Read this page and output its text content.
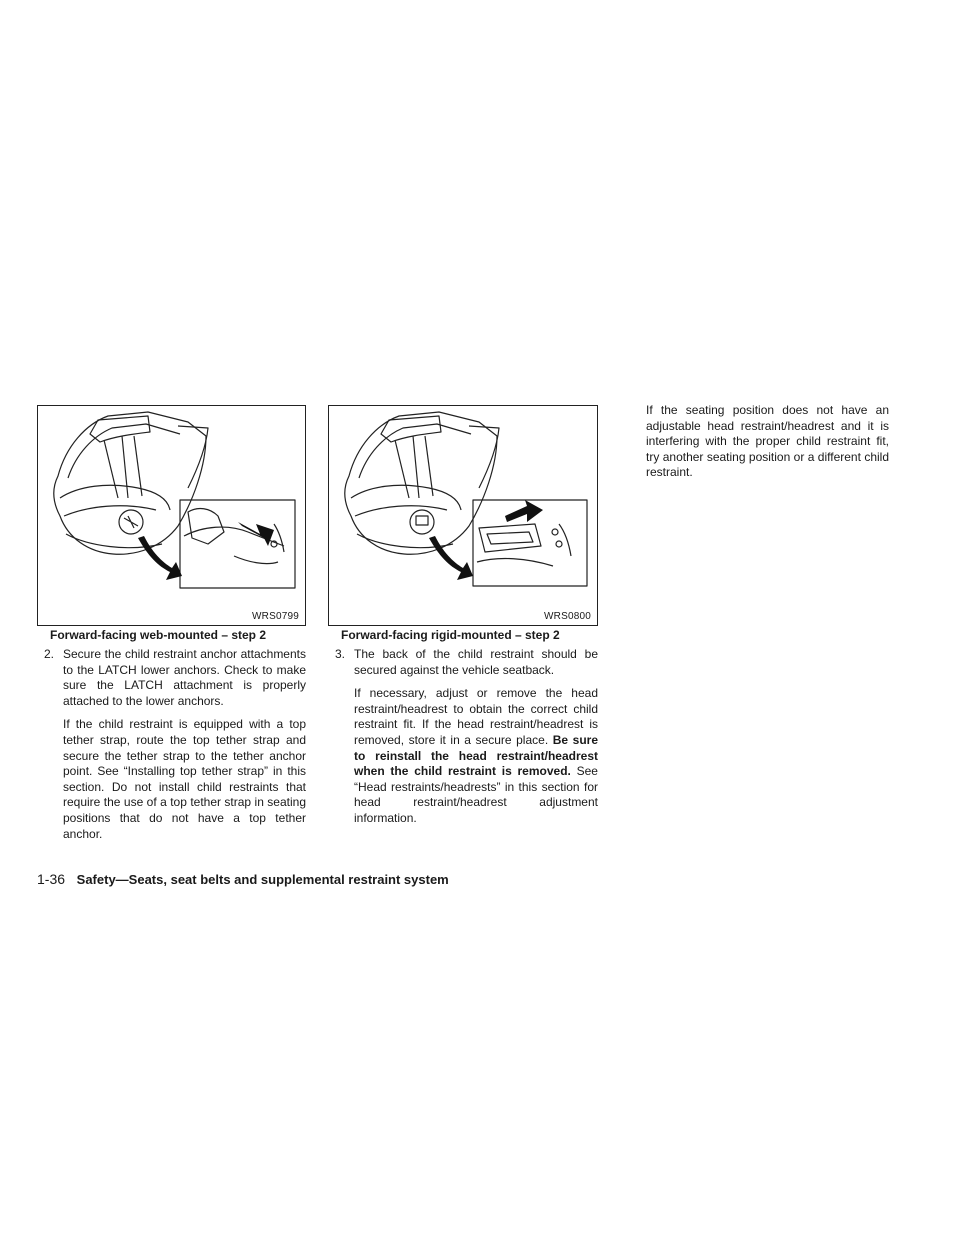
WRS0799
Forward-facing web-mounted – step 2
WRS0800
Forward-facing rigid-mounted – step 2
2. Secure the child restraint anchor attachments to the LATCH lower anchors. Check to make sure the LATCH attachment is properly attached to the lower anchors.

If the child restraint is equipped with a top tether strap, route the top tether strap and secure the tether strap to the tether anchor point. See “Installing top tether strap” in this section. Do not install child restraints that require the use of a top tether strap in seating positions that do not have a top tether anchor.

3. The back of the child restraint should be secured against the vehicle seatback.

If necessary, adjust or remove the head restraint/headrest to obtain the correct child restraint fit. If the head restraint/headrest is removed, store it in a secure place. Be sure to reinstall the head restraint/headrest when the child restraint is removed. See “Head restraints/headrests” in this section for head restraint/headrest adjustment information.

If the seating position does not have an adjustable head restraint/headrest and it is interfering with the proper child restraint fit, try another seating position or a different child restraint.

1-36 Safety—Seats, seat belts and supplemental restraint system
